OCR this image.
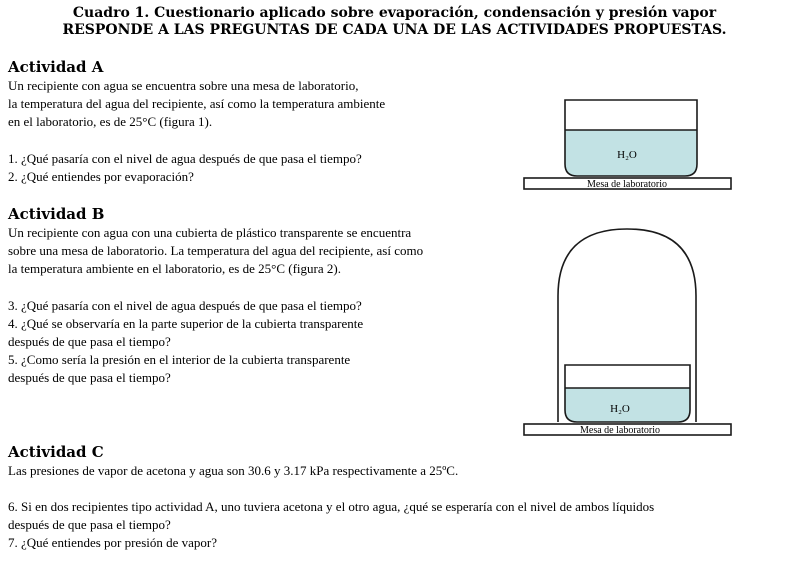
Cuadro 1. Cuestionario aplicado sobre evaporación, condensación y presión vapor
RESPONDE A LAS PREGUNTAS DE CADA UNA DE LAS ACTIVIDADES PROPUESTAS.
Actividad A

Un recipiente con agua se encuentra sobre una mesa de laboratorio,

la temperatura del agua del recipiente, así como la temperatura ambiente

en el laboratorio, es de 25°C (figura 1).

1. ¿Qué pasaría con el nivel de agua después de que pasa el tiempo?

2. ¿Qué entiendes por evaporación?

H₂O
Mesa de laboratorio
Actividad B

Un recipiente con agua con una cubierta de plástico transparente se encuentra

sobre una mesa de laboratorio. La temperatura del agua del recipiente, así como

la temperatura ambiente en el laboratorio, es de 25°C (figura 2).

3. ¿Qué pasaría con el nivel de agua después de que pasa el tiempo?

4. ¿Qué se observaría en la parte superior de la cubierta transparente

después de que pasa el tiempo?

5. ¿Como sería la presión en el interior de la cubierta transparente

después de que pasa el tiempo?

H₂O
Mesa de laboratorio
Actividad C

Las presiones de vapor de acetona y agua son 30.6 y 3.17 kPa respectivamente a 25ºC.

6. Si en dos recipientes tipo actividad A, uno tuviera acetona y el otro agua, ¿qué se esperaría con el nivel de ambos líquidos

después de que pasa el tiempo?

7. ¿Qué entiendes por presión de vapor?
